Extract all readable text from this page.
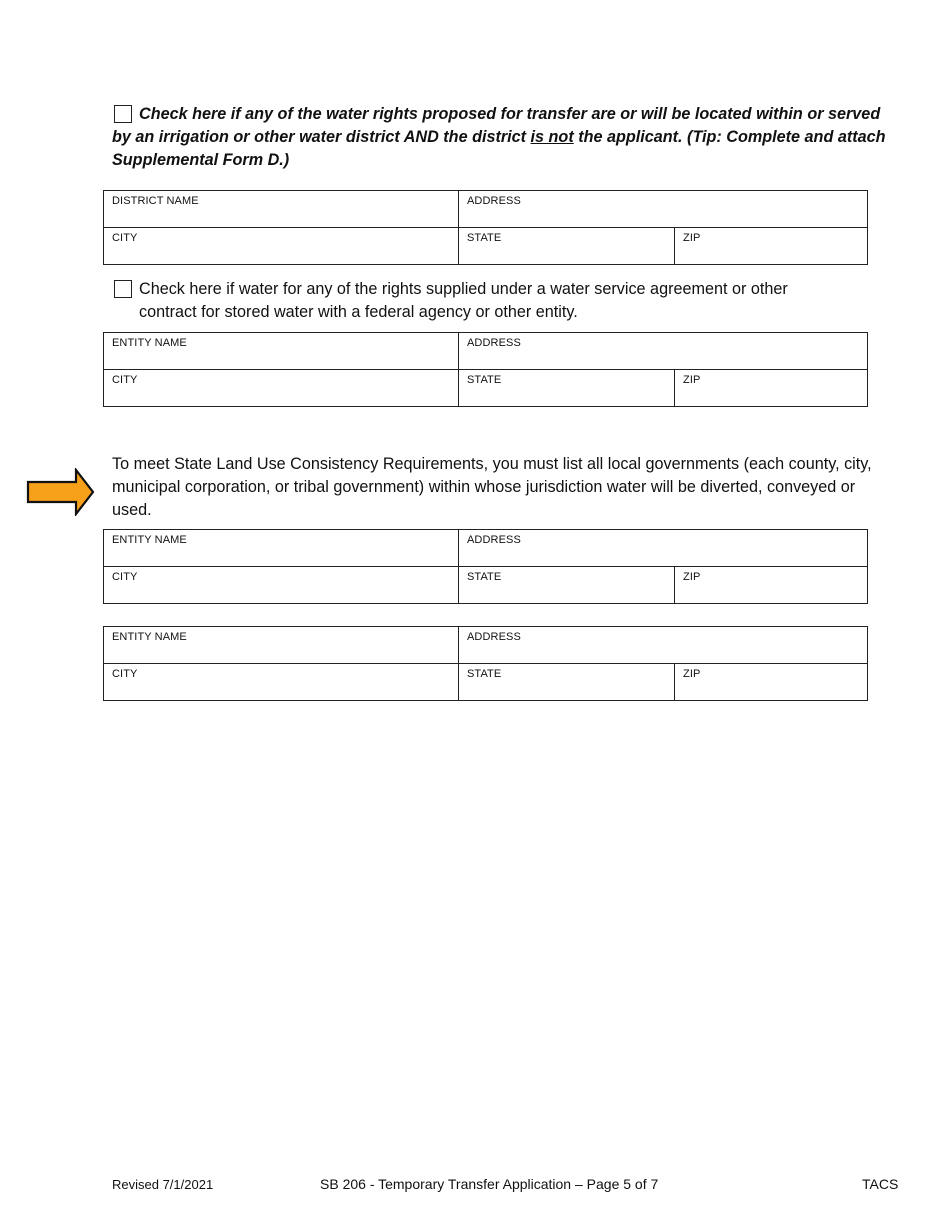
Check here if any of the water rights proposed for transfer are or will be located within or served by an irrigation or other water district AND the district is not the applicant. (Tip: Complete and attach Supplemental Form D.)
DISTRICT NAME	ADDRESS	
CITY	STATE	ZIP
Check here if water for any of the rights supplied under a water service agreement or other
contract for stored water with a federal agency or other entity.
ENTITY NAME	ADDRESS	
CITY	STATE	ZIP
To meet State Land Use Consistency Requirements, you must list all local governments (each county, city, municipal corporation, or tribal government) within whose jurisdiction water will be diverted, conveyed or used.
ENTITY NAME	ADDRESS	
CITY	STATE	ZIP
ENTITY NAME	ADDRESS	
CITY	STATE	ZIP
Revised 7/1/2021	SB 206 - Temporary Transfer Application – Page 5 of 7	TACS
